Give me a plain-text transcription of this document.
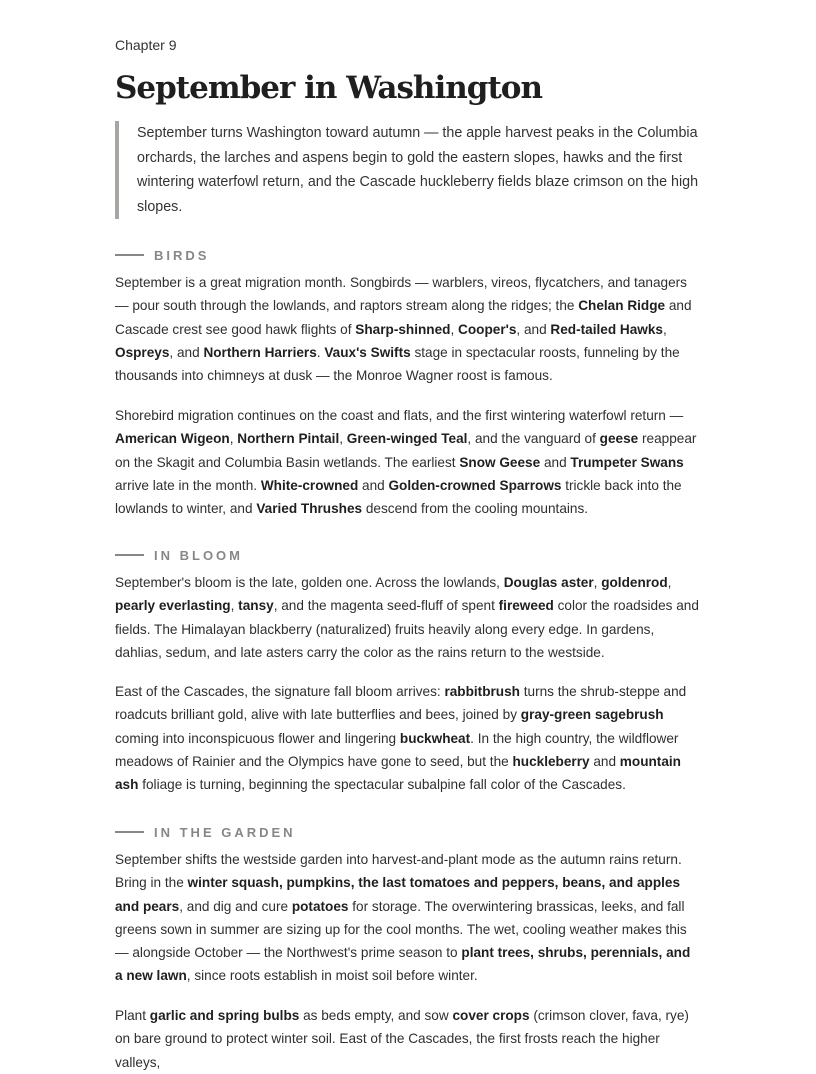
Chapter 9
September in Washington
September turns Washington toward autumn — the apple harvest peaks in the Columbia orchards, the larches and aspens begin to gold the eastern slopes, hawks and the first wintering waterfowl return, and the Cascade huckleberry fields blaze crimson on the high slopes.
BIRDS

September is a great migration month. Songbirds — warblers, vireos, flycatchers, and tanagers — pour south through the lowlands, and raptors stream along the ridges; the Chelan Ridge and Cascade crest see good hawk flights of Sharp-shinned, Cooper's, and Red-tailed Hawks, Ospreys, and Northern Harriers. Vaux's Swifts stage in spectacular roosts, funneling by the thousands into chimneys at dusk — the Monroe Wagner roost is famous.

Shorebird migration continues on the coast and flats, and the first wintering waterfowl return — American Wigeon, Northern Pintail, Green-winged Teal, and the vanguard of geese reappear on the Skagit and Columbia Basin wetlands. The earliest Snow Geese and Trumpeter Swans arrive late in the month. White-crowned and Golden-crowned Sparrows trickle back into the lowlands to winter, and Varied Thrushes descend from the cooling mountains.

IN BLOOM

September's bloom is the late, golden one. Across the lowlands, Douglas aster, goldenrod, pearly everlasting, tansy, and the magenta seed-fluff of spent fireweed color the roadsides and fields. The Himalayan blackberry (naturalized) fruits heavily along every edge. In gardens, dahlias, sedum, and late asters carry the color as the rains return to the westside.

East of the Cascades, the signature fall bloom arrives: rabbitbrush turns the shrub-steppe and roadcuts brilliant gold, alive with late butterflies and bees, joined by gray-green sagebrush coming into inconspicuous flower and lingering buckwheat. In the high country, the wildflower meadows of Rainier and the Olympics have gone to seed, but the huckleberry and mountain ash foliage is turning, beginning the spectacular subalpine fall color of the Cascades.

IN THE GARDEN

September shifts the westside garden into harvest-and-plant mode as the autumn rains return. Bring in the winter squash, pumpkins, the last tomatoes and peppers, beans, and apples and pears, and dig and cure potatoes for storage. The overwintering brassicas, leeks, and fall greens sown in summer are sizing up for the cool months. The wet, cooling weather makes this — alongside October — the Northwest's prime season to plant trees, shrubs, perennials, and a new lawn, since roots establish in moist soil before winter.

Plant garlic and spring bulbs as beds empty, and sow cover crops (crimson clover, fava, rye) on bare ground to protect winter soil. East of the Cascades, the first frosts reach the higher valleys,
